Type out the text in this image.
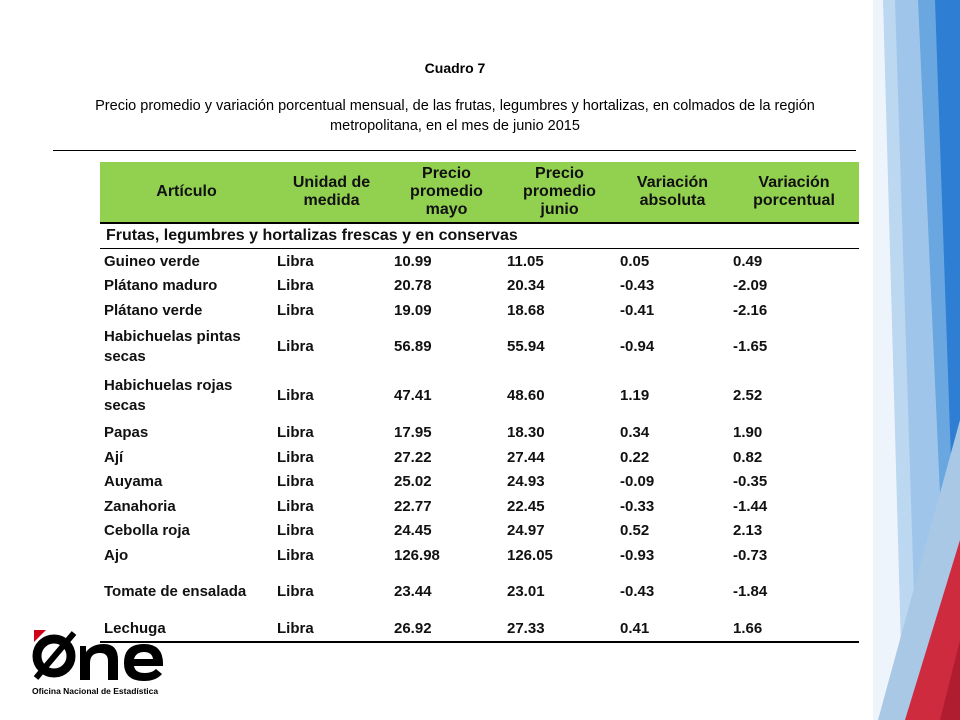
Cuadro 7
Precio promedio y variación porcentual mensual, de las frutas, legumbres y hortalizas, en colmados de la región metropolitana, en el mes de junio 2015
Artículo	Unidad de medida	Precio promedio mayo	Precio promedio junio	Variación absoluta	Variación porcentual
Frutas, legumbres y hortalizas frescas y en conservas					
Guineo verde	Libra	10.99	11.05	0.05	0.49
Plátano maduro	Libra	20.78	20.34	-0.43	-2.09
Plátano verde	Libra	19.09	18.68	-0.41	-2.16
Habichuelas pintas secas	Libra	56.89	55.94	-0.94	-1.65
Habichuelas rojas secas	Libra	47.41	48.60	1.19	2.52
Papas	Libra	17.95	18.30	0.34	1.90
Ají	Libra	27.22	27.44	0.22	0.82
Auyama	Libra	25.02	24.93	-0.09	-0.35
Zanahoria	Libra	22.77	22.45	-0.33	-1.44
Cebolla roja	Libra	24.45	24.97	0.52	2.13
Ajo	Libra	126.98	126.05	-0.93	-0.73
Tomate de ensalada	Libra	23.44	23.01	-0.43	-1.84
Lechuga	Libra	26.92	27.33	0.41	1.66
Oficina Nacional de Estadística
